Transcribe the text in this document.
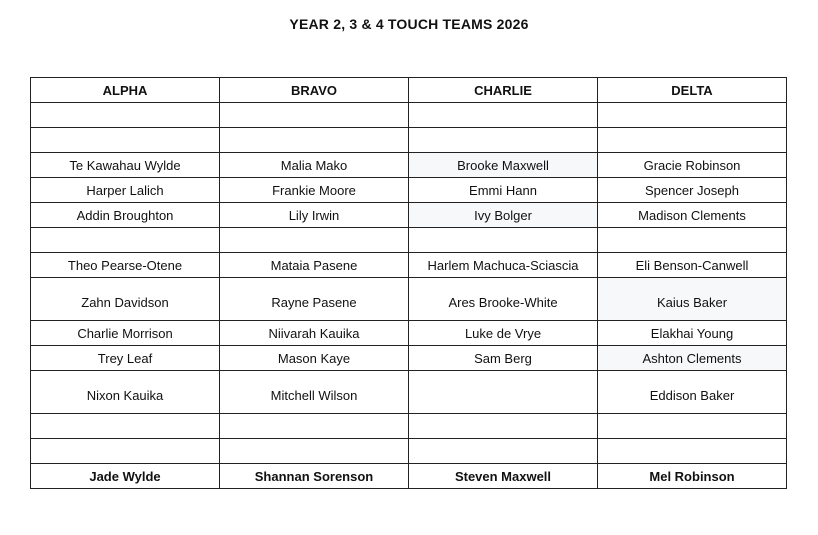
YEAR 2, 3 & 4 TOUCH TEAMS 2026
ALPHA	BRAVO	CHARLIE	DELTA

Te Kawahau Wylde	Malia Mako	Brooke Maxwell	Gracie Robinson
Harper Lalich	Frankie Moore	Emmi Hann	Spencer Joseph
Addin Broughton	Lily Irwin	Ivy Bolger	Madison Clements

Theo Pearse-Otene	Mataia Pasene	Harlem Machuca-Sciascia	Eli Benson-Canwell
Zahn Davidson	Rayne Pasene	Ares Brooke-White	Kaius Baker
Charlie Morrison	Niivarah Kauika	Luke de Vrye	Elakhai Young
Trey Leaf	Mason Kaye	Sam Berg	Ashton Clements
Nixon Kauika	Mitchell Wilson		Eddison Baker

Jade Wylde	Shannan Sorenson	Steven Maxwell	Mel Robinson
